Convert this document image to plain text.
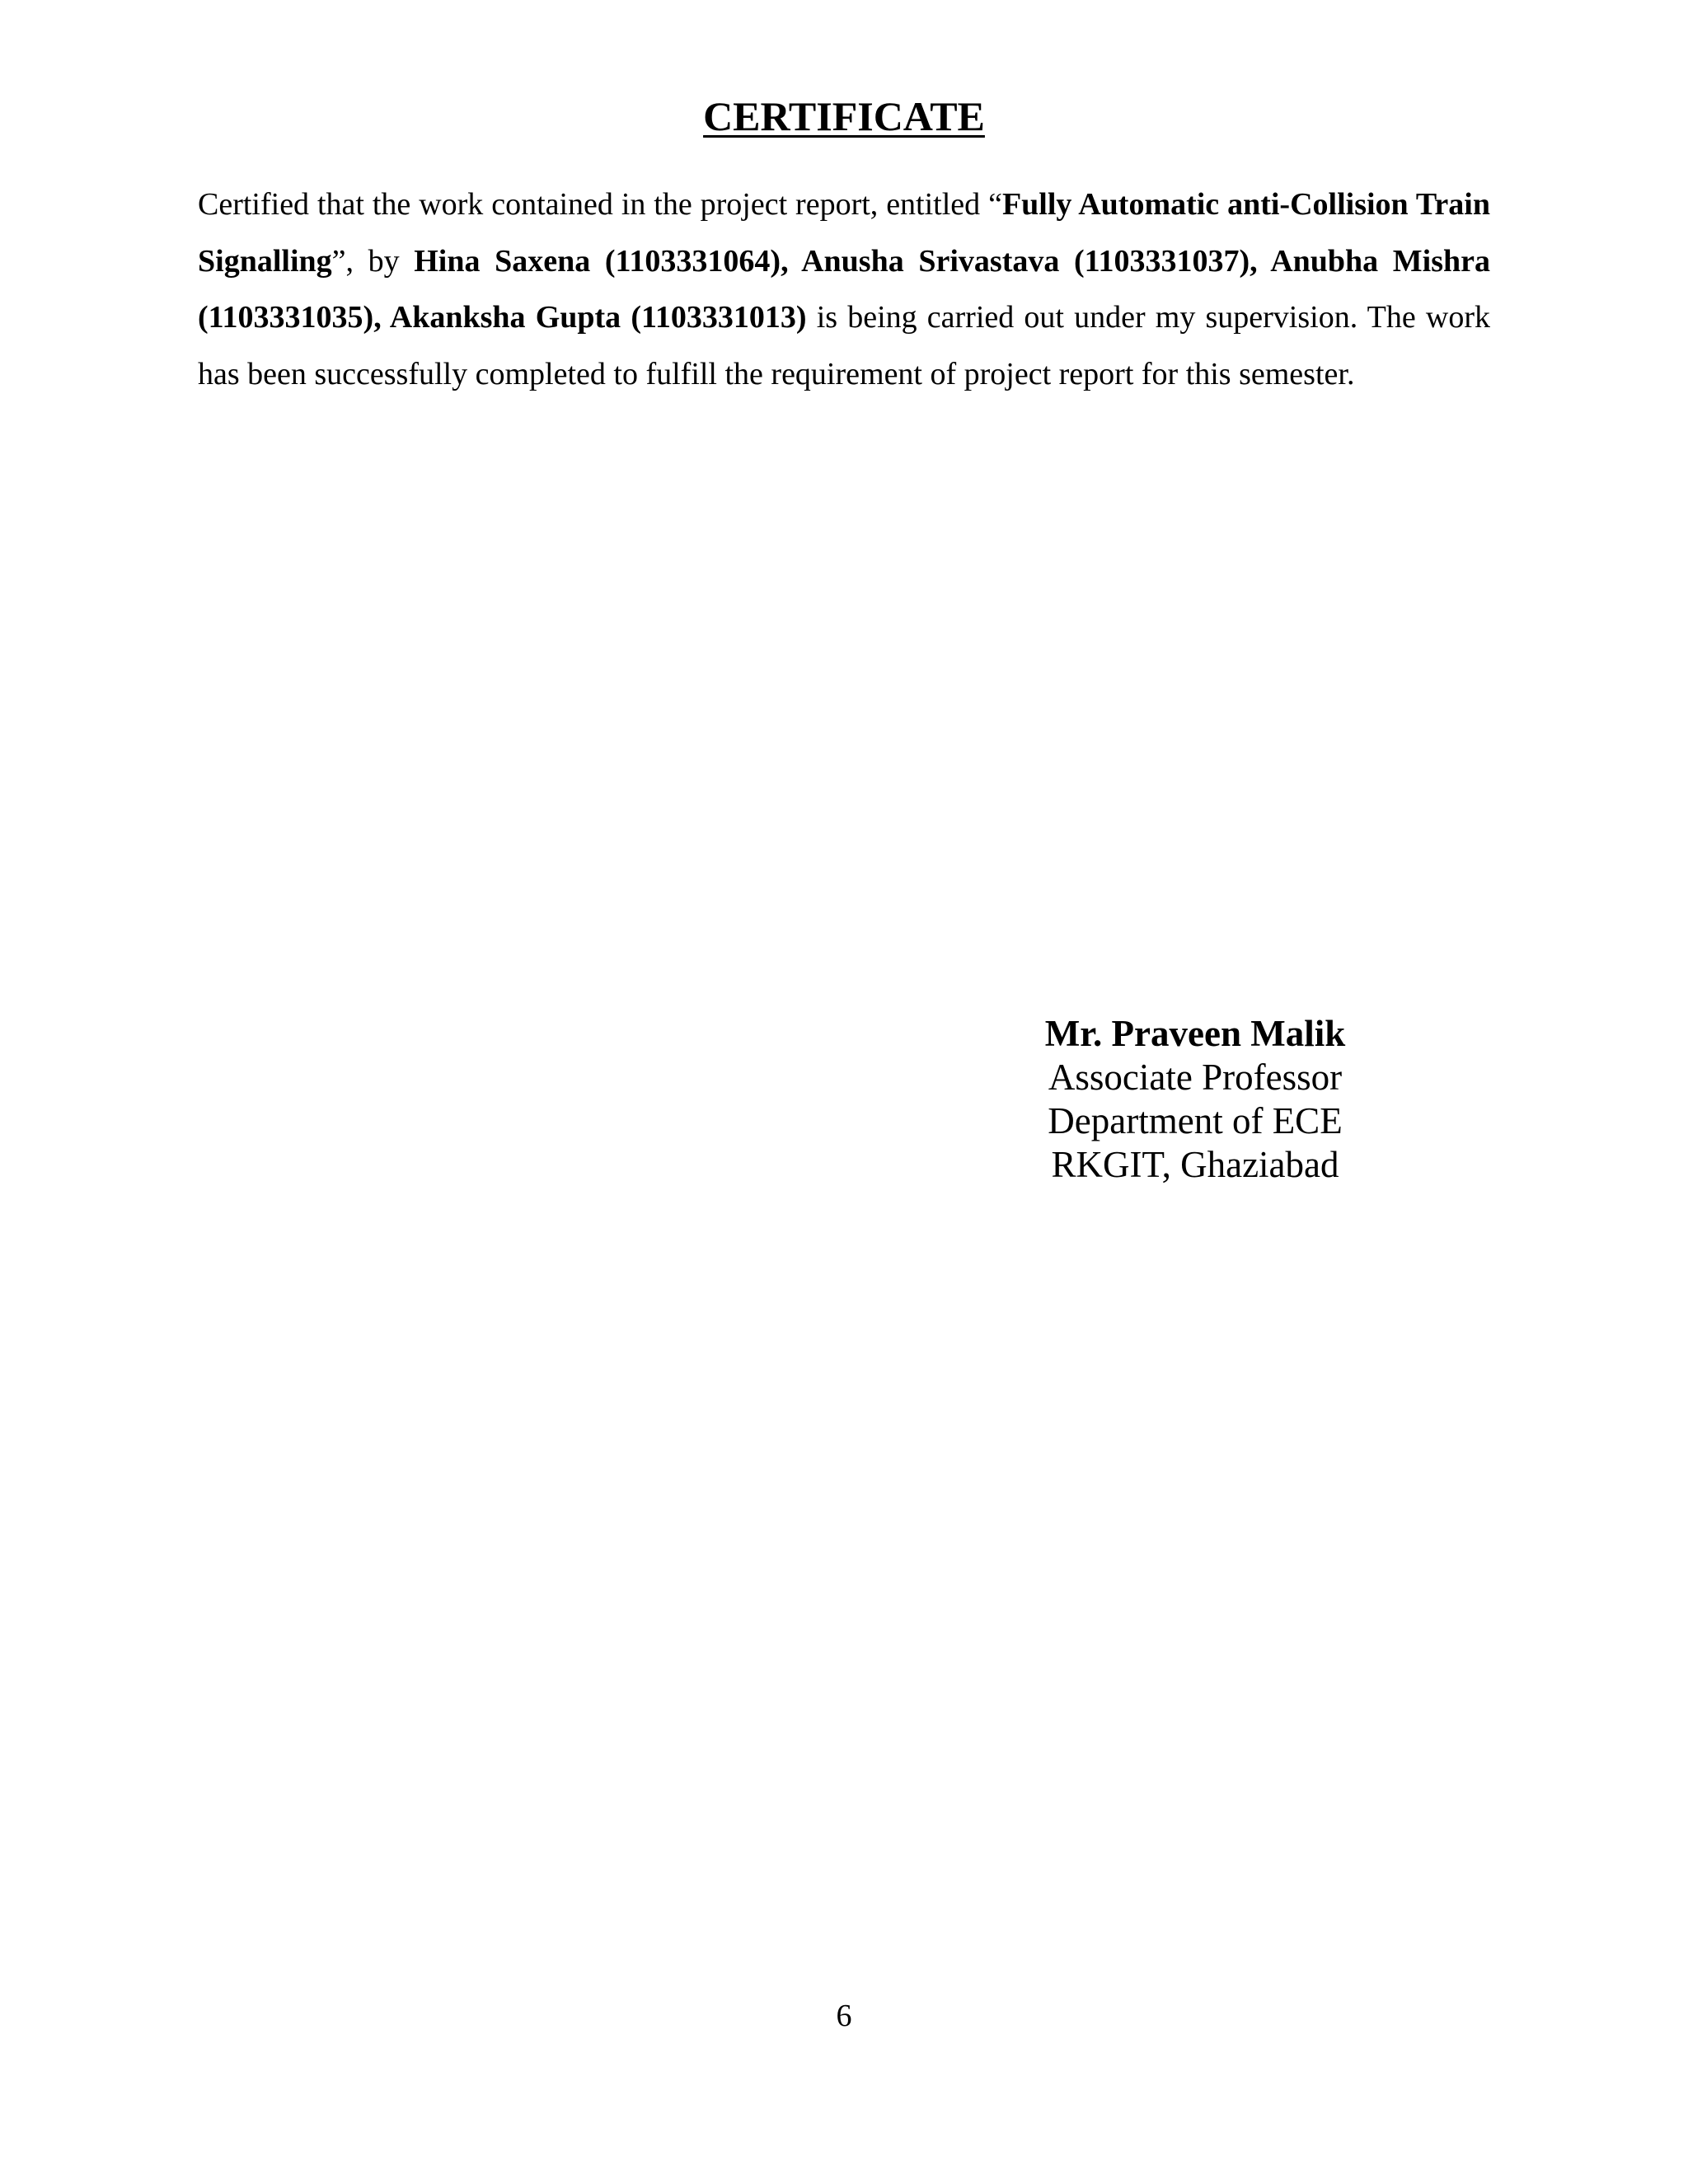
CERTIFICATE

Certified that the work contained in the project report, entitled “Fully Automatic anti-Collision Train Signalling”, by Hina Saxena (1103331064), Anusha Srivastava (1103331037), Anubha Mishra (1103331035), Akanksha Gupta (1103331013) is being carried out under my supervision. The work has been successfully completed to fulfill the requirement of project report for this semester.

Mr. Praveen Malik
Associate Professor
Department of ECE
RKGIT, Ghaziabad
6
